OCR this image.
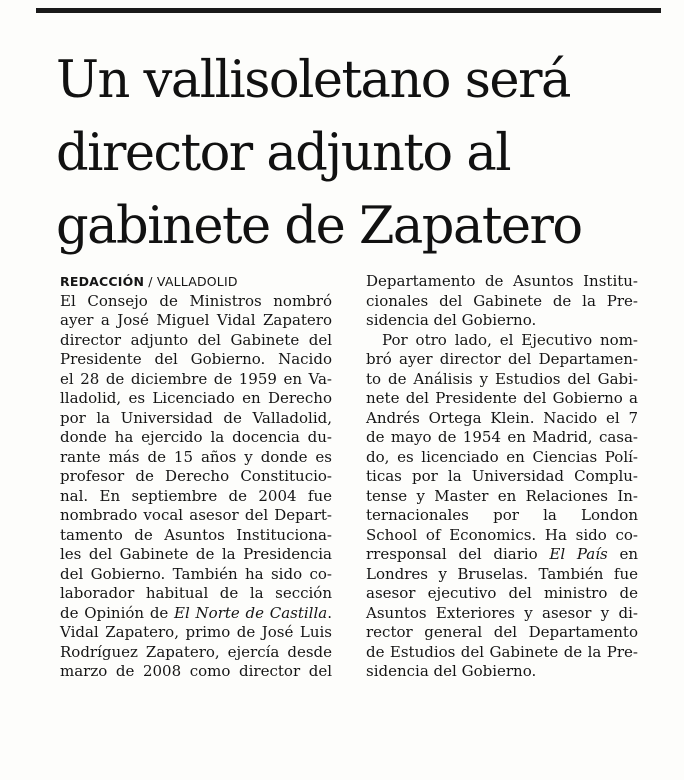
Un vallisoletano será
director adjunto al
gabinete de Zapatero
REDACCIÓN / VALLADOLID
El Consejo de Ministros nombró
ayer a José Miguel Vidal Zapatero
director adjunto del Gabinete del
Presidente del Gobierno. Nacido
el 28 de diciembre de 1959 en Va-
lladolid, es Licenciado en Derecho
por la Universidad de Valladolid,
donde ha ejercido la docencia du-
rante más de 15 años y donde es
profesor de Derecho Constitucio-
nal. En septiembre de 2004 fue
nombrado vocal asesor del Depart-
tamento de Asuntos Instituciona-
les del Gabinete de la Presidencia
del Gobierno. También ha sido co-
laborador habitual de la sección
de Opinión de El Norte de Castilla.
Vidal Zapatero, primo de José Luis
Rodríguez Zapatero, ejercía desde
marzo de 2008 como director del
Departamento de Asuntos Institu-
cionales del Gabinete de la Pre-
sidencia del Gobierno.
Por otro lado, el Ejecutivo nom-
bró ayer director del Departamen-
to de Análisis y Estudios del Gabi-
nete del Presidente del Gobierno a
Andrés Ortega Klein. Nacido el 7
de mayo de 1954 en Madrid, casa-
do, es licenciado en Ciencias Polí-
ticas por la Universidad Complu-
tense y Master en Relaciones In-
ternacionales por la London
School of Economics. Ha sido co-
rresponsal del diario El País en
Londres y Bruselas. También fue
asesor ejecutivo del ministro de
Asuntos Exteriores y asesor y di-
rector general del Departamento
de Estudios del Gabinete de la Pre-
sidencia del Gobierno.
